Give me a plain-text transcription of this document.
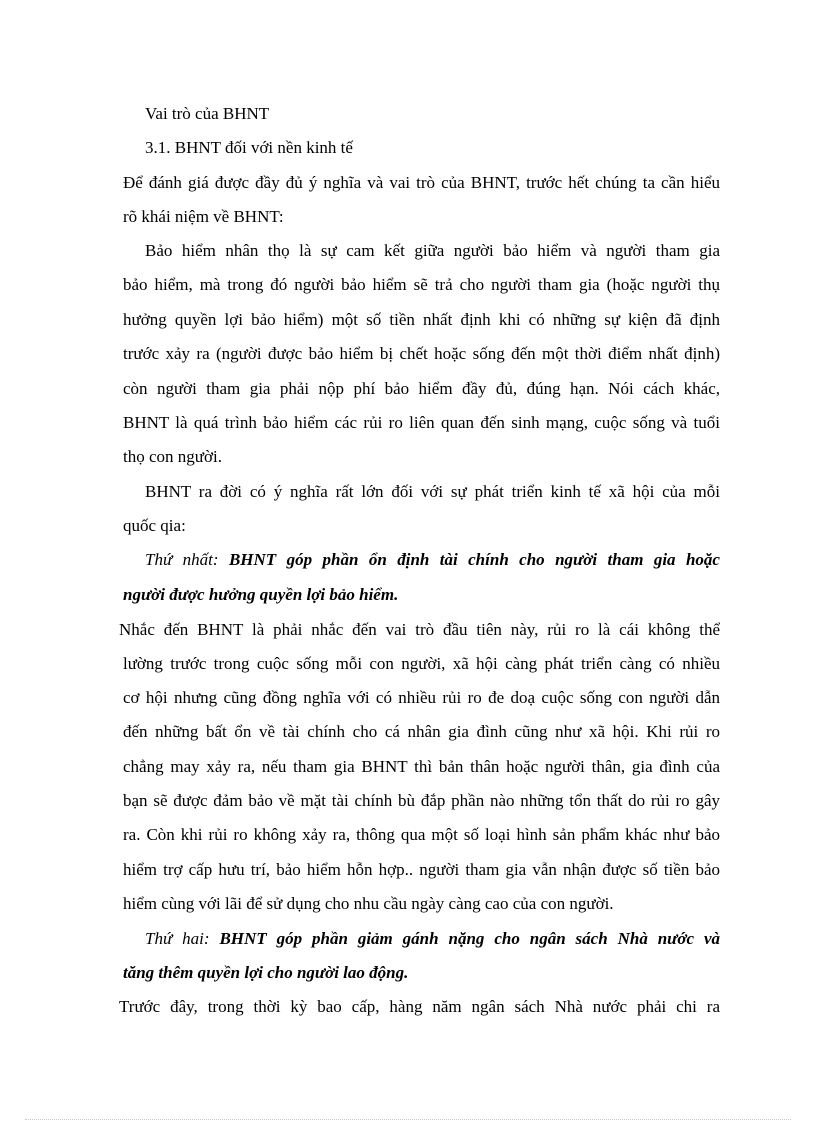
Vai trò của BHNT
3.1. BHNT đối với nền kinh tế
Để đánh giá được đầy đủ ý nghĩa và vai trò của BHNT, trước hết chúng ta cần hiểu
rõ khái niệm về BHNT:
Bảo hiểm nhân thọ là sự cam kết giữa người bảo hiểm và người tham gia
bảo hiểm, mà trong đó người bảo hiểm sẽ trả cho người tham gia (hoặc người thụ
hưởng quyền lợi bảo hiểm) một số tiền nhất định khi có những sự kiện đã định
trước xảy ra (người được bảo hiểm bị chết hoặc sống đến một thời điểm nhất định)
còn người tham gia phải nộp phí bảo hiểm đầy đủ, đúng hạn. Nói cách khác,
BHNT là quá trình bảo hiểm các rủi ro liên quan đến sinh mạng, cuộc sống và tuổi
thọ con người.
BHNT ra đời có ý nghĩa rất lớn đối với sự phát triển kinh tế xã hội của mỗi
quốc qia:
Thứ nhất: BHNT góp phần ổn định tài chính cho người tham gia hoặc
người được hưởng quyền lợi bảo hiểm.
Nhắc đến BHNT là phải nhắc đến vai trò đầu tiên này, rủi ro là cái không thể
lường trước trong cuộc sống mỗi con người, xã hội càng phát triển càng có nhiều
cơ hội nhưng cũng đồng nghĩa với có nhiều rủi ro đe doạ cuộc sống con người dẫn
đến những bất ổn về tài chính cho cá nhân gia đình cũng như xã hội. Khi rủi ro
chẳng may xảy ra, nếu tham gia BHNT thì bản thân hoặc người thân, gia đình của
bạn sẽ được đảm bảo về mặt tài chính bù đắp phần nào những tổn thất do rủi ro gây
ra. Còn khi rủi ro không xảy ra, thông qua một số loại hình sản phẩm khác như bảo
hiểm trợ cấp hưu trí, bảo hiểm hỗn hợp.. người tham gia vẫn nhận được số tiền bảo
hiểm cùng với lãi để sử dụng cho nhu cầu ngày càng cao của con người.
Thứ hai: BHNT góp phần giảm gánh nặng cho ngân sách Nhà nước và
tăng thêm quyền lợi cho người lao động.
Trước đây, trong thời kỳ bao cấp, hàng năm ngân sách Nhà nước phải chi ra
